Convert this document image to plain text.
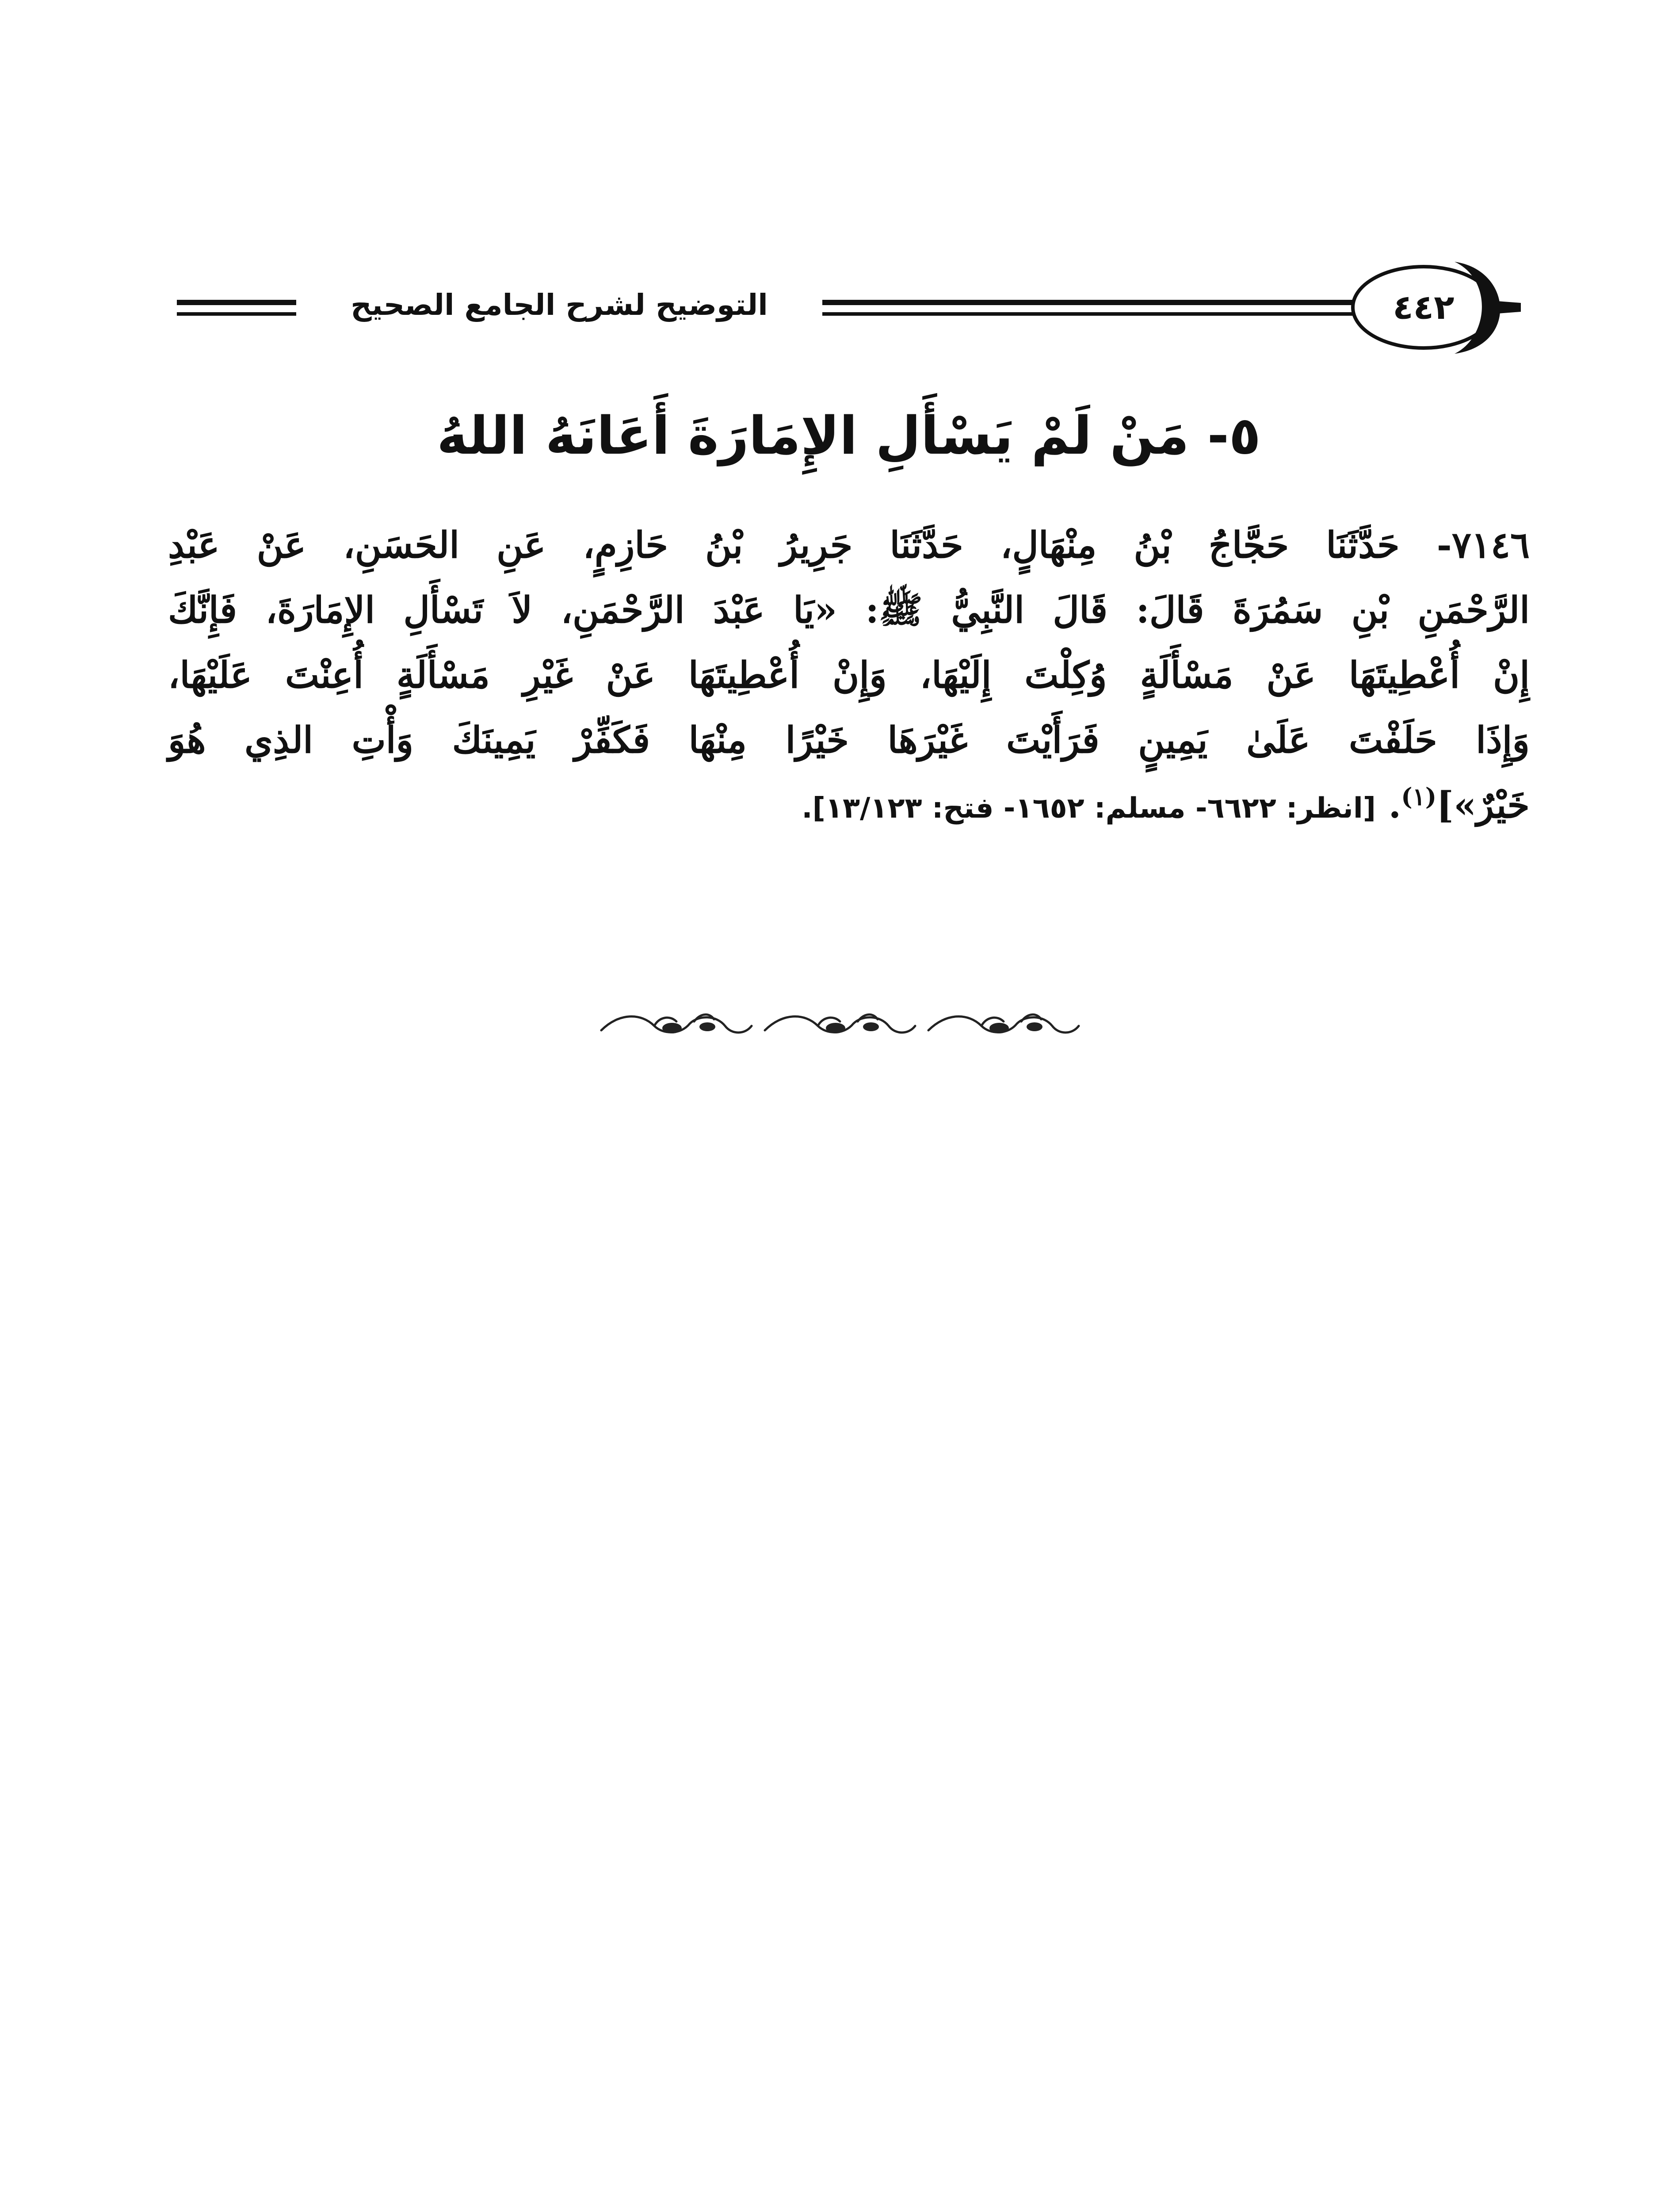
التوضيح لشرح الجامع الصحيح	٤٤٢
٥- مَنْ لَمْ يَسْأَلِ الإِمَارَةَ أَعَانَهُ اللهُ
٧١٤٦- حَدَّثَنَا حَجَّاجُ بْنُ مِنْهَالٍ، حَدَّثَنَا جَرِيرُ بْنُ حَازِمٍ، عَنِ الحَسَنِ، عَنْ عَبْدِ
الرَّحْمَنِ بْنِ سَمُرَةَ قَالَ: قَالَ النَّبِيُّ ﷺ: «يَا عَبْدَ الرَّحْمَنِ، لاَ تَسْأَلِ الإِمَارَةَ، فَإِنَّكَ
إِنْ أُعْطِيتَهَا عَنْ مَسْأَلَةٍ وُكِلْتَ إِلَيْهَا، وَإِنْ أُعْطِيتَهَا عَنْ غَيْرِ مَسْأَلَةٍ أُعِنْتَ عَلَيْهَا،
وَإِذَا حَلَفْتَ عَلَىٰ يَمِينٍ فَرَأَيْتَ غَيْرَهَا خَيْرًا مِنْهَا فَكَفِّرْ يَمِينَكَ وَأْتِ الذِي هُوَ
خَيْرٌ»]$^{(١)}$. [انظر: ٦٦٢٢- مسلم: ١٦٥٢- فتح: ١٣/١٢٣].
